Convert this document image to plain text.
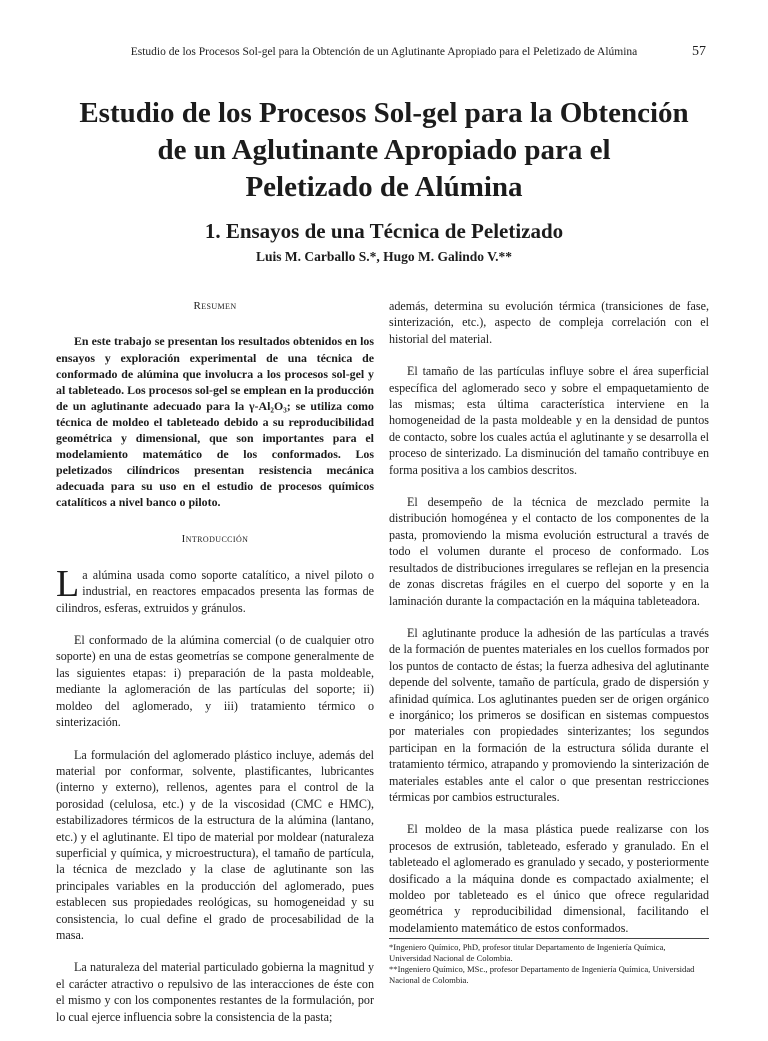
Estudio de los Procesos Sol-gel para la Obtención de un Aglutinante Apropiado para el Peletizado de Alúmina	57
Estudio de los Procesos Sol-gel para la Obtención
de un Aglutinante Apropiado para el
Peletizado de Alúmina
1. Ensayos de una Técnica de Peletizado
Luis M. Carballo S.*, Hugo M. Galindo V.**
Resumen

En este trabajo se presentan los resultados obtenidos en los ensayos y exploración experimental de una técnica de conformado de alúmina que involucra a los procesos sol-gel y al tableteado. Los procesos sol-gel se emplean en la producción de un aglutinante adecuado para la γ-Al₂O₃; se utiliza como técnica de moldeo el tableteado debido a su reproducibilidad geométrica y dimensional, que son importantes para el modelamiento matemático de los conformados. Los peletizados cilíndricos presentan resistencia mecánica adecuada para su uso en el estudio de procesos químicos catalíticos a nivel banco o piloto.

Introducción

La alúmina usada como soporte catalítico, a nivel piloto o industrial, en reactores empacados presenta las formas de cilindros, esferas, extruidos y gránulos.

El conformado de la alúmina comercial (o de cualquier otro soporte) en una de estas geometrías se compone generalmente de las siguientes etapas: i) preparación de la pasta moldeable, mediante la aglomeración de las partículas del soporte; ii) moldeo del aglomerado, y iii) tratamiento térmico o sinterización.

La formulación del aglomerado plástico incluye, además del material por conformar, solvente, plastificantes, lubricantes (interno y externo), rellenos, agentes para el control de la porosidad (celulosa, etc.) y de la viscosidad (CMC e HMC), estabilizadores térmicos de la estructura de la alúmina (lantano, etc.) y el aglutinante. El tipo de material por moldear (naturaleza superficial y química, y microestructura), el tamaño de partícula, la técnica de mezclado y la clase de aglutinante son las principales variables en la producción del aglomerado, pues establecen sus propiedades reológicas, su homogeneidad y su consistencia, lo cual define el grado de procesabilidad de la masa.

La naturaleza del material particulado gobierna la magnitud y el carácter atractivo o repulsivo de las interacciones de éste con el mismo y con los componentes restantes de la formulación, por lo cual ejerce influencia sobre la consistencia de la pasta;

además, determina su evolución térmica (transiciones de fase, sinterización, etc.), aspecto de compleja correlación con el historial del material.

El tamaño de las partículas influye sobre el área superficial específica del aglomerado seco y sobre el empaquetamiento de las mismas; esta última característica interviene en la homogeneidad de la pasta moldeable y en la densidad de puntos de contacto, sobre los cuales actúa el aglutinante y se desarrolla el proceso de sinterizado. La disminución del tamaño contribuye en forma positiva a los cambios descritos.

El desempeño de la técnica de mezclado permite la distribución homogénea y el contacto de los componentes de la pasta, promoviendo la misma evolución estructural a través de todo el volumen durante el proceso de conformado. Los resultados de distribuciones irregulares se reflejan en la presencia de zonas discretas frágiles en el cuerpo del soporte y en la laminación durante la compactación en la máquina tableteadora.

El aglutinante produce la adhesión de las partículas a través de la formación de puentes materiales en los cuellos formados por los puntos de contacto de éstas; la fuerza adhesiva del aglutinante depende del solvente, tamaño de partícula, grado de dispersión y afinidad química. Los aglutinantes pueden ser de origen orgánico e inorgánico; los primeros se dosifican en sistemas compuestos por materiales con propiedades sinterizantes; los segundos participan en la formación de la estructura sólida durante el tratamiento térmico, atrapando y promoviendo la sinterización de materiales estables ante el calor o que presentan restricciones térmicas por cambios estructurales.

El moldeo de la masa plástica puede realizarse con los procesos de extrusión, tableteado, esferado y granulado. En el tableteado el aglomerado es granulado y secado, y posteriormente dosificado a la máquina donde es compactado axialmente; el moldeo por tableteado es el único que ofrece regularidad geométrica y reproducibilidad dimensional, facilitando el modelamiento matemático de estos conformados.

*Ingeniero Químico, PhD, profesor titular Departamento de Ingeniería Química, Universidad Nacional de Colombia.
**Ingeniero Químico, MSc., profesor Departamento de Ingeniería Química, Universidad Nacional de Colombia.
